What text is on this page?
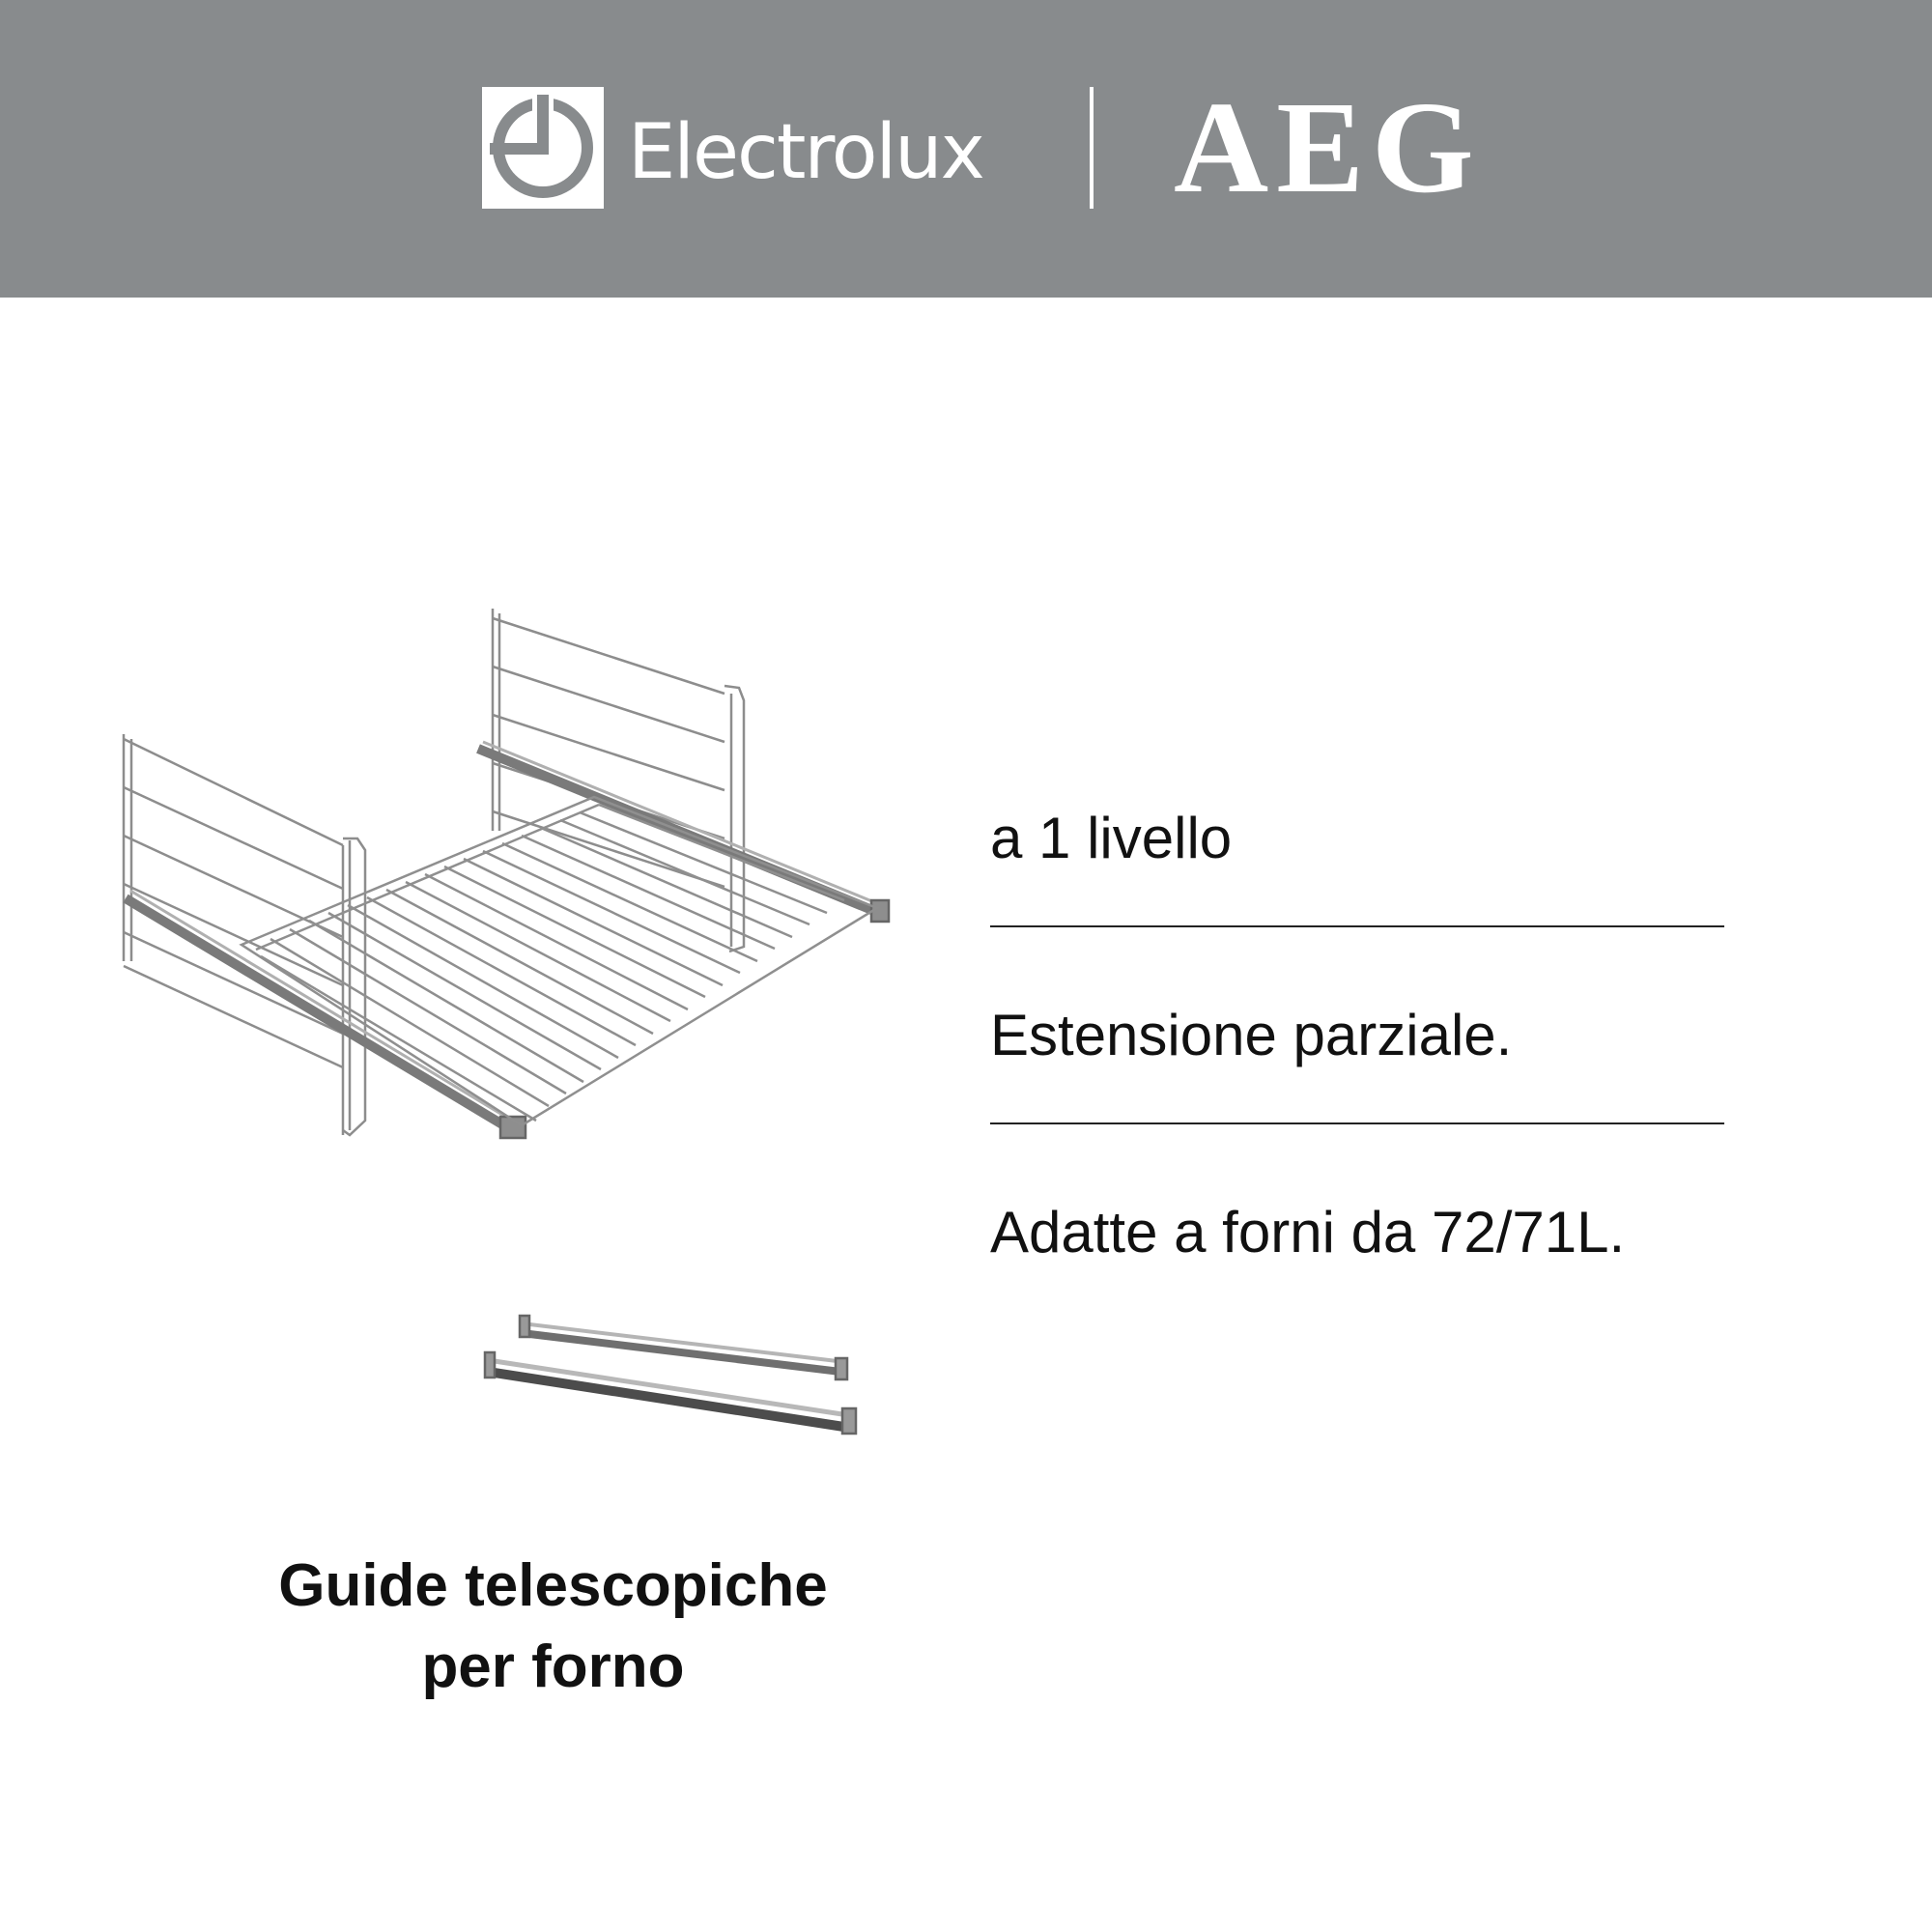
Electrolux AEG
a 1 livello
Estensione parziale.
Adatte a forni da 72/71L.
Guide telescopiche
per forno
